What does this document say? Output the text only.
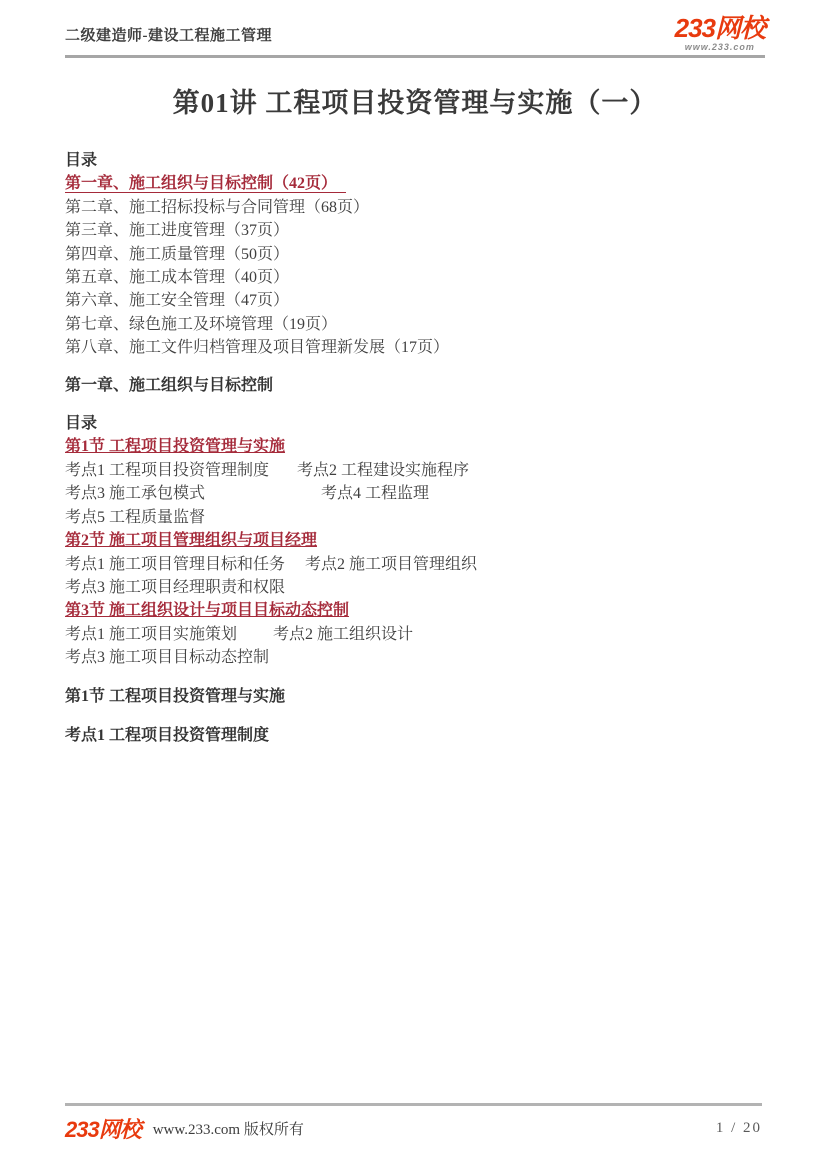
二级建造师-建设工程施工管理	233网校
www.233.com
第01讲 工程项目投资管理与实施（一）
目录
第一章、施工组织与目标控制（42页）
第二章、施工招标投标与合同管理（68页）
第三章、施工进度管理（37页）
第四章、施工质量管理（50页）
第五章、施工成本管理（40页）
第六章、施工安全管理（47页）
第七章、绿色施工及环境管理（19页）
第八章、施工文件归档管理及项目管理新发展（17页）
第一章、施工组织与目标控制
目录
第1节 工程项目投资管理与实施
考点1 工程项目投资管理制度       考点2 工程建设实施程序
考点3 施工承包模式                             考点4 工程监理
考点5 工程质量监督
第2节 施工项目管理组织与项目经理
考点1 施工项目管理目标和任务     考点2 施工项目管理组织
考点3 施工项目经理职责和权限
第3节 施工组织设计与项目目标动态控制
考点1 施工项目实施策划         考点2 施工组织设计
考点3 施工项目目标动态控制
第1节 工程项目投资管理与实施
考点1 工程项目投资管理制度
233网校 www.233.com 版权所有	1 / 20
